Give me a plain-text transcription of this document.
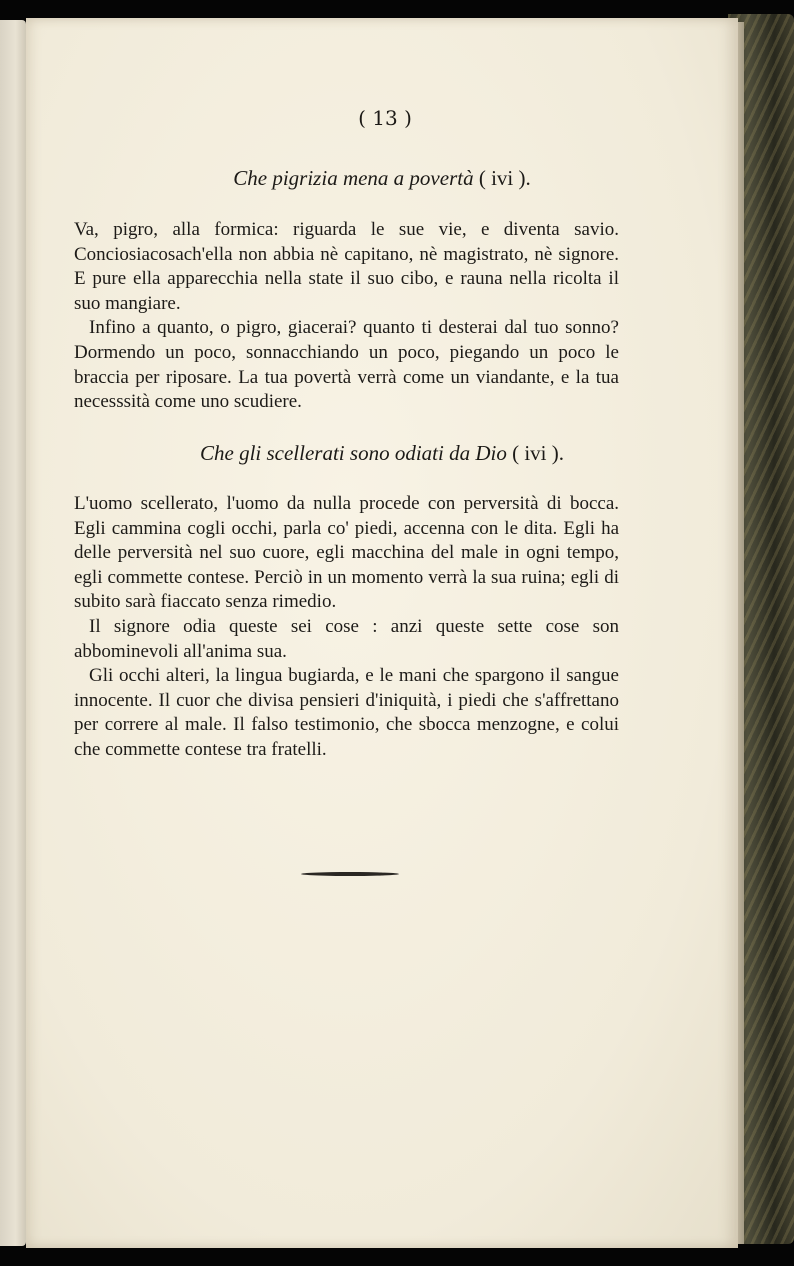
( 13 )
Che pigrizia mena a povertà ( ivi ).

Va, pigro, alla formica: riguarda le sue vie, e diventa savio. Conciosiacosach'ella non abbia nè capitano, nè magistrato, nè signore. E pure ella apparecchia nella state il suo cibo, e rauna nella ricolta il suo mangiare.

Infino a quanto, o pigro, giacerai? quanto ti desterai dal tuo sonno? Dormendo un poco, sonnacchiando un poco, piegando un poco le braccia per riposare. La tua povertà verrà come un viandante, e la tua necesssità come uno scudiere.

Che gli scellerati sono odiati da Dio ( ivi ).

L'uomo scellerato, l'uomo da nulla procede con perversità di bocca. Egli cammina cogli occhi, parla co' piedi, accenna con le dita. Egli ha delle perversità nel suo cuore, egli macchina del male in ogni tempo, egli commette contese. Perciò in un momento verrà la sua ruina; egli di subito sarà fiaccato senza rimedio.

Il signore odia queste sei cose : anzi queste sette cose son abbominevoli all'anima sua.

Gli occhi alteri, la lingua bugiarda, e le mani che spargono il sangue innocente. Il cuor che divisa pensieri d'iniquità, i piedi che s'affrettano per correre al male. Il falso testimonio, che sbocca menzogne, e colui che commette contese tra fratelli.
